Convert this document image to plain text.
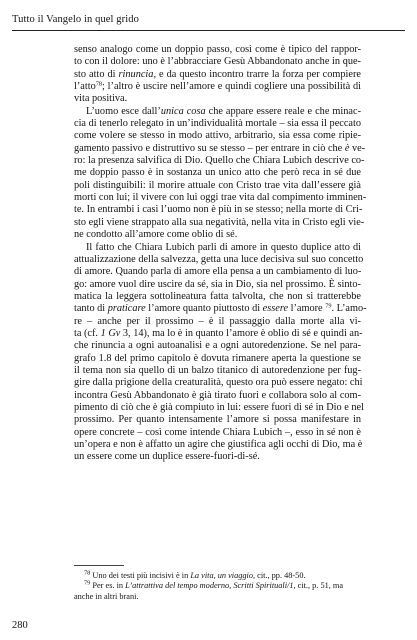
Tutto il Vangelo in quel grido
senso analogo come un doppio passo, così come è tipico del rappor-
to con il dolore: uno è l’abbracciare Gesù Abbandonato anche in que-
sto atto di rinuncia, e da questo incontro trarre la forza per compiere
l’atto$^{78}$; l’altro è uscire nell’amore e quindi cogliere una possibilità di
vita positiva.
L’uomo esce dall’unica cosa che appare essere reale e che minac-
cia di tenerlo relegato in un’individualità mortale – sia essa il peccato
come volere se stesso in modo attivo, arbitrario, sia essa come ripie-
gamento passivo e distruttivo su se stesso – per entrare in ciò che è ve-
ro: la presenza salvifica di Dio. Quello che Chiara Lubich descrive co-
me doppio passo è in sostanza un unico atto che però reca in sé due
poli distinguibili: il morire attuale con Cristo trae vita dall’essere già
morti con lui; il vivere con lui oggi trae vita dal compimento imminen-
te. In entrambi i casi l’uomo non è più in se stesso; nella morte di Cri-
sto egli viene strappato alla sua negatività, nella vita in Cristo egli vie-
ne condotto all’amore come oblio di sé.
Il fatto che Chiara Lubich parli di amore in questo duplice atto di
attualizzazione della salvezza, getta una luce decisiva sul suo concetto
di amore. Quando parla di amore ella pensa a un cambiamento di luo-
go: amore vuol dire uscire da sé, sia in Dio, sia nel prossimo. È sinto-
matica la leggera sottolineatura fatta talvolta, che non si tratterebbe
tanto di praticare l’amore quanto piuttosto di essere l’amore $^{79}$. L’amo-
re – anche per il prossimo – è il passaggio dalla morte alla vi-
ta (cf. 1 Gv 3, 14), ma lo è in quanto l’amore è oblio di sé e quindi an-
che rinuncia a ogni autoanalisi e a ogni autoredenzione. Se nel para-
grafo 1.8 del primo capitolo è dovuta rimanere aperta la questione se
il tema non sia quello di un balzo titanico di autoredenzione per fug-
gire dalla prigione della creaturalità, questo ora può essere negato: chi
incontra Gesù Abbandonato è già tirato fuori e collabora solo al com-
pimento di ciò che è già compiuto in lui: essere fuori di sé in Dio e nel
prossimo. Per quanto intensamente l’amore si possa manifestare in
opere concrete – così come intende Chiara Lubich –, esso in sé non è
un’opera e non è affatto un agire che giustifica agli occhi di Dio, ma è
un essere come un duplice essere-fuori-di-sé.
$^{78}$ Uno dei testi più incisivi è in La vita, un viaggio, cit., pp. 48-50.
$^{79}$ Per es. in L’attrattiva del tempo moderno, Scritti Spirituali/1, cit., p. 51, ma
anche in altri brani.
280
